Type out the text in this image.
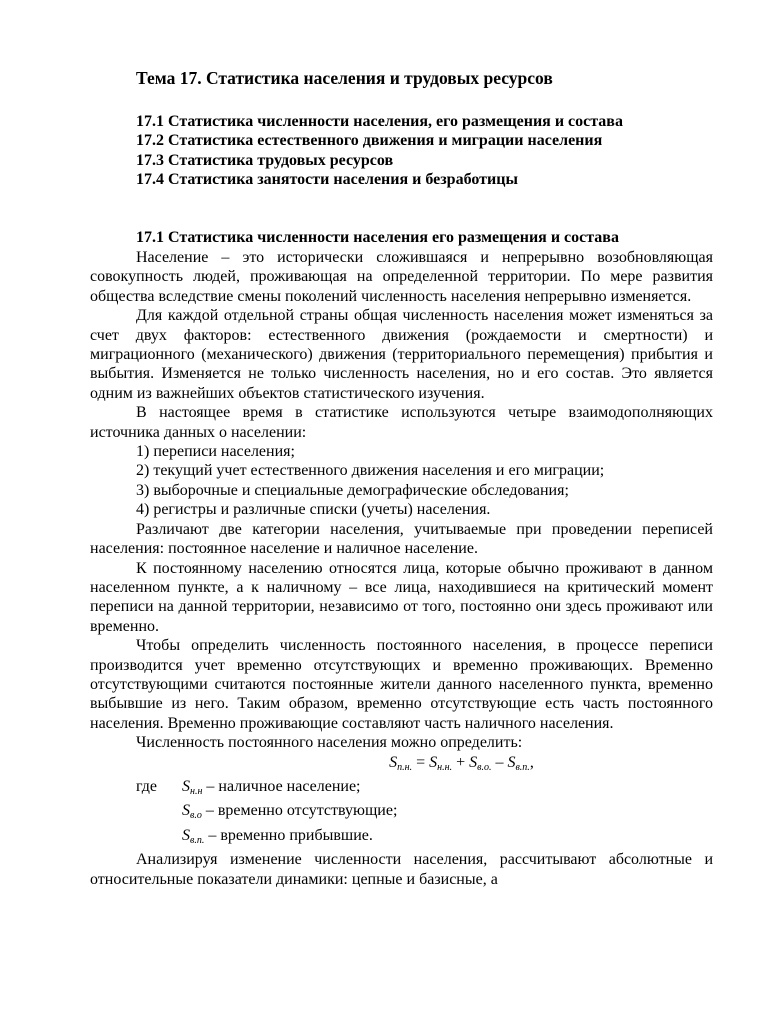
Тема 17. Статистика населения и трудовых ресурсов
17.1 Статистика численности населения, его размещения и состава
17.2 Статистика естественного движения и миграции населения
17.3 Статистика трудовых ресурсов
17.4 Статистика занятости населения и безработицы
17.1 Статистика численности населения его размещения и состава

Население – это исторически сложившаяся и непрерывно возобновляющая совокупность людей, проживающая на определенной территории. По мере развития общества вследствие смены поколений численность населения непрерывно изменяется.

Для каждой отдельной страны общая численность населения может изменяться за счет двух факторов: естественного движения (рождаемости и смертности) и миграционного (механического) движения (территориального перемещения) прибытия и выбытия. Изменяется не только численность населения, но и его состав. Это является одним из важнейших объектов статистического изучения.

В настоящее время в статистике используются четыре взаимодополняющих источника данных о населении:

1) переписи населения;

2) текущий учет естественного движения населения и его миграции;

3) выборочные и специальные демографические обследования;

4) регистры и различные списки (учеты) населения.

Различают две категории населения, учитываемые при проведении переписей населения: постоянное население и наличное население.

К постоянному населению относятся лица, которые обычно проживают в данном населенном пункте, а к наличному – все лица, находившиеся на критический момент переписи на данной территории, независимо от того, постоянно они здесь проживают или временно.

Чтобы определить численность постоянного населения, в процессе переписи производится учет временно отсутствующих и временно проживающих. Временно отсутствующими считаются постоянные жители данного населенного пункта, временно выбывшие из него. Таким образом, временно отсутствующие есть часть постоянного населения. Временно проживающие составляют часть наличного населения.

Численность постоянного населения можно определить:

$S_{п.н.} = S_{н.н.} + S_{в.о.} - S_{в.п.}$,
где	$S_{н.н}$ – наличное население;
$S_{в.о}$ – временно отсутствующие;
$S_{в.п.}$ – временно прибывшие.

Анализируя изменение численности населения, рассчитывают абсолютные и относительные показатели динамики: цепные и базисные, а
